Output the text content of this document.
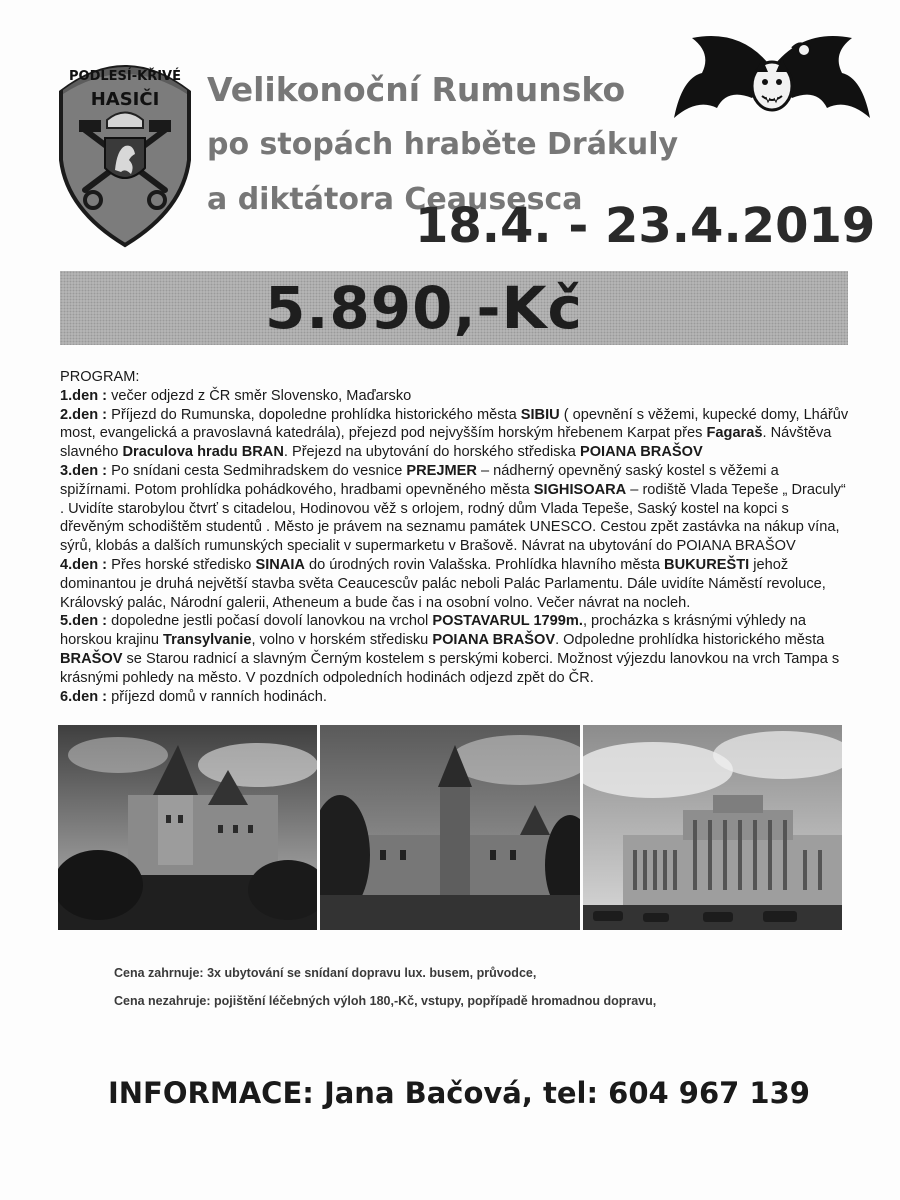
PODLESÍ-KŘIVÉ
HASIČI Velikonoční Rumunsko
po stopách hraběte Drákuly
a diktátora Ceausesca
18.4. - 23.4.2019
5.890,-Kč

PROGRAM:

1.den : večer odjezd z ČR směr Slovensko, Maďarsko

2.den : Příjezd do Rumunska, dopoledne prohlídka historického města SIBIU ( opevnění s věžemi, kupecké domy, Lhářův most, evangelická a pravoslavná katedrála), přejezd pod nejvyšším horským hřebenem Karpat přes Fagaraš. Návštěva slavného Draculova hradu BRAN. Přejezd na ubytování do horského střediska POIANA BRAŠOV

3.den : Po snídani cesta Sedmihradskem do vesnice PREJMER – nádherný opevněný saský kostel s věžemi a spižírnami. Potom prohlídka pohádkového, hradbami opevněného města SIGHISOARA – rodiště Vlada Tepeše „ Draculy“ . Uvidíte starobylou čtvrť s citadelou, Hodinovou věž s orlojem, rodný dům Vlada Tepeše, Saský kostel na kopci s dřevěným schodištěm studentů . Město je právem na seznamu památek UNESCO. Cestou zpět zastávka na nákup vína, sýrů, klobás a dalších rumunských specialit v supermarketu v Brašově. Návrat na ubytování do POIANA BRAŠOV

4.den : Přes horské středisko SINAIA do úrodných rovin Valašska. Prohlídka hlavního města BUKUREŠTI jehož dominantou je druhá největší stavba světa Ceaucescův palác neboli Palác Parlamentu. Dále uvidíte Náměstí revoluce, Královský palác, Národní galerii, Atheneum a bude čas i na osobní volno. Večer návrat na nocleh.

5.den : dopoledne jestli počasí dovolí lanovkou na vrchol POSTAVARUL 1799m., procházka s krásnými výhledy na horskou krajinu Transylvanie, volno v horském středisku POIANA BRAŠOV. Odpoledne prohlídka historického města BRAŠOV se Starou radnicí a slavným Černým kostelem s perskými koberci. Možnost výjezdu lanovkou na vrch Tampa s krásnými pohledy na město. V pozdních odpoledních hodinách odjezd zpět do ČR.

6.den : příjezd domů v ranních hodinách.

Cena zahrnuje: 3x ubytování se snídaní dopravu lux. busem, průvodce,

Cena nezahruje: pojištění léčebných výloh 180,-Kč, vstupy, popřípadě hromadnou dopravu,

INFORMACE: Jana Bačová, tel: 604 967 139
